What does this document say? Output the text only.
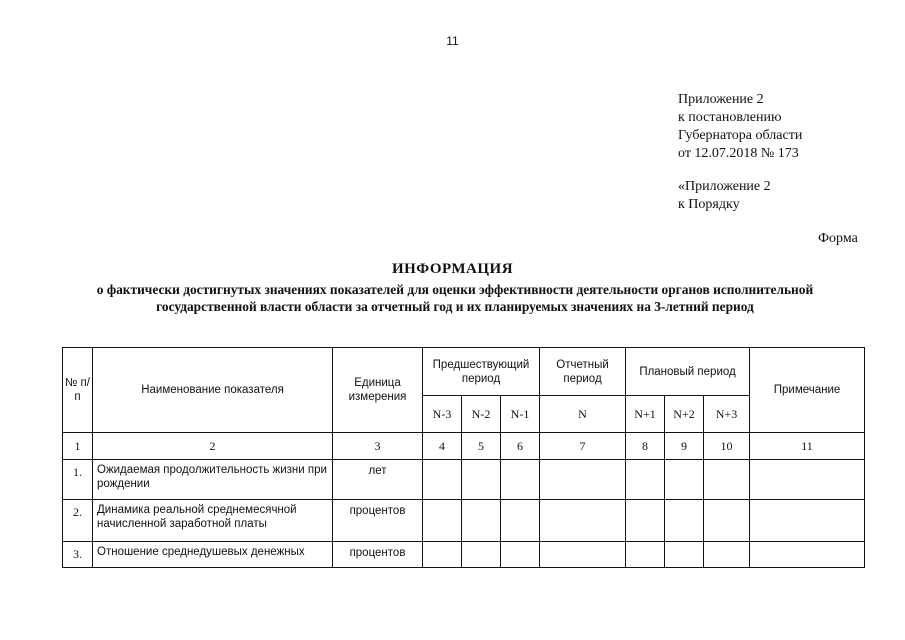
11
Приложение 2
к постановлению
Губернатора области
от 12.07.2018 № 173
«Приложение 2
к Порядку
Форма
ИНФОРМАЦИЯ
о фактически достигнутых значениях показателей для оценки эффективности деятельности органов исполнительной государственной власти области за отчетный год и их планируемых значениях на 3-летний период
№ п/п	Наименование показателя	Единица измерения	Предшествующий период			Отчетный период	Плановый период			Примечание
			N-3	N-2	N-1	N	N+1	N+2	N+3	
1	2	3	4	5	6	7	8	9	10	11
1.	Ожидаемая продолжительность жизни при рождении	лет								
2.	Динамика реальной среднемесячной начисленной заработной платы	процентов								
3.	Отношение среднедушевых денежных	процентов								
